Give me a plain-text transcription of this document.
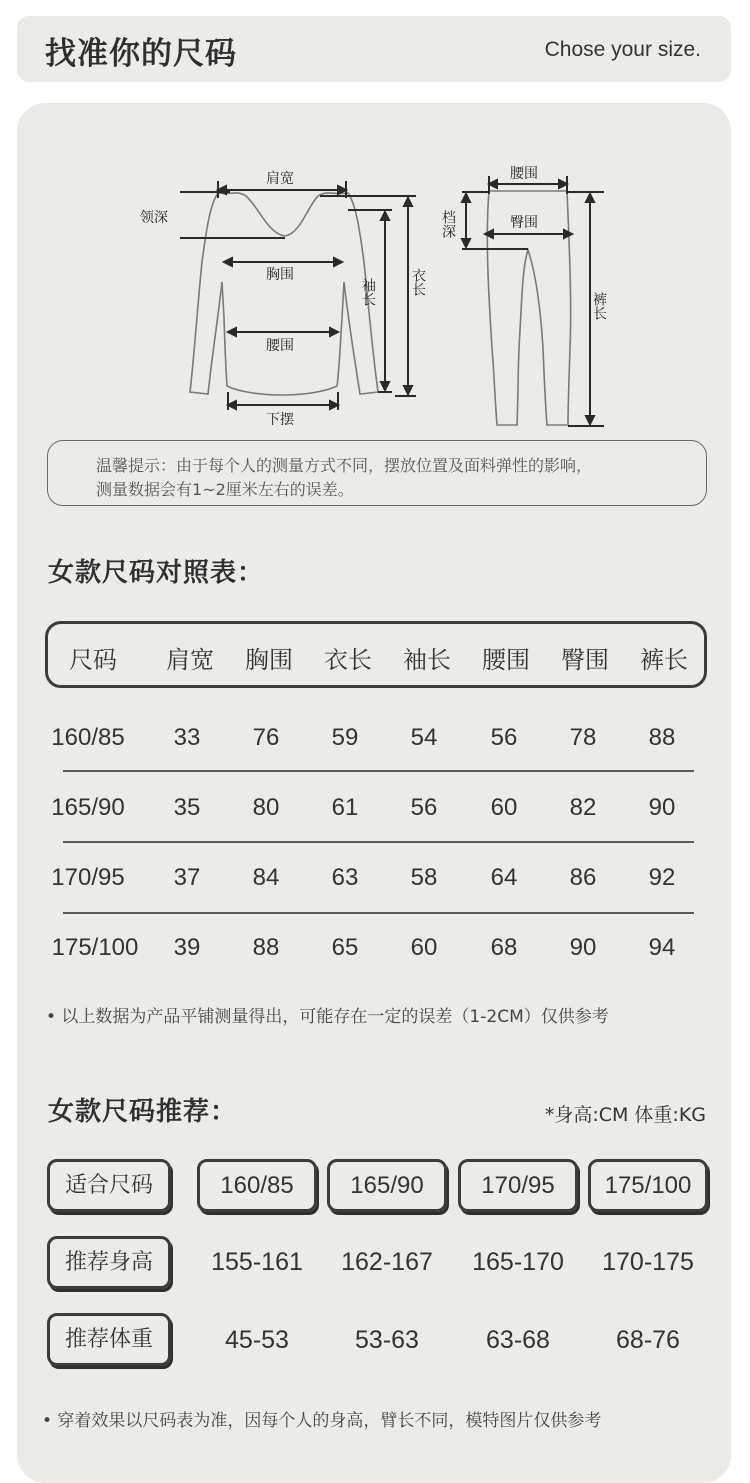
找准你的尺码	Chose your size.
肩宽
领深
胸围
腰围
下摆
袖长 衣长
腰围
档深	臀围
裤长
温馨提示：由于每个人的测量方式不同，摆放位置及面料弹性的影响，
测量数据会有1~2厘米左右的误差。
女款尺码对照表：
尺码 肩宽 胸围 衣长 袖长 腰围 臀围 裤长
160/85 33 76 59 54 56 78 88
165/90 35 80 61 56 60 82 90
170/95 37 84 63 58 64 86 92
175/100 39 88 65 60 68 90 94
• 以上数据为产品平铺测量得出，可能存在一定的误差（1-2CM）仅供参考
女款尺码推荐：	*身高:CM 体重:KG
适合尺码	160/85	165/90	170/95	175/100
推荐身高	155-161 162-167 165-170 170-175
推荐体重	45-53	53-63	63-68	68-76
• 穿着效果以尺码表为准，因每个人的身高，臂长不同，模特图片仅供参考
